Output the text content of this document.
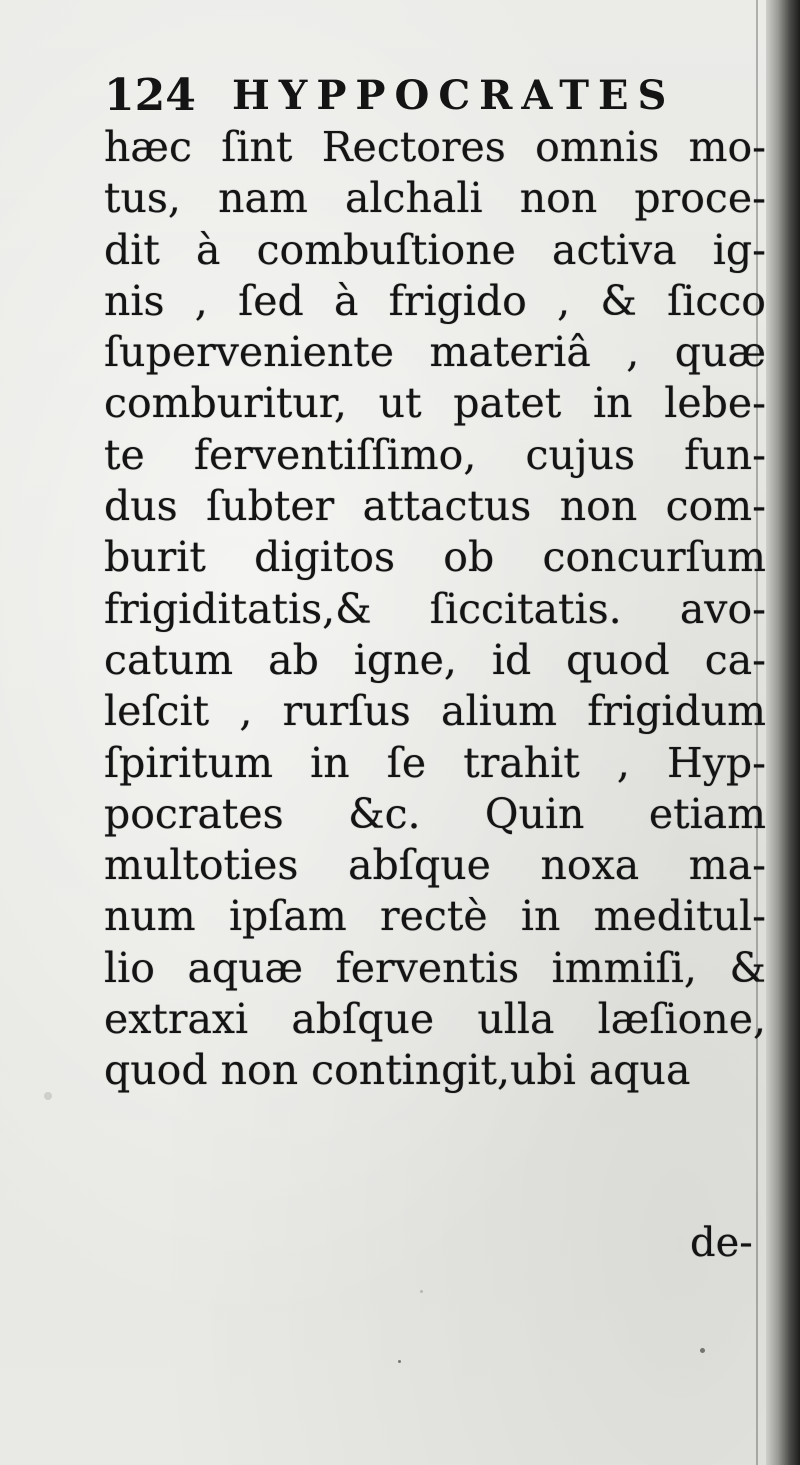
124 HYPPOCRATES
hæc ſint Rectores omnis mo-
tus, nam alchali non proce-
dit à combuſtione activa ig-
nis , ſed à frigido , & ſicco
ſuperveniente materiâ , quæ
comburitur, ut patet in lebe-
te ferventiſſimo, cujus fun-
dus ſubter attactus non com-
burit digitos ob concurſum
frigiditatis,& ſiccitatis. avo-
catum ab igne, id quod ca-
leſcit , rurſus alium frigidum
ſpiritum in ſe trahit , Hyp-
pocrates &c. Quin etiam
multoties abſque noxa ma-
num ipſam rectè in meditul-
lio aquæ ferventis immiſi, &
extraxi abſque ulla læſione,
quod non contingit,ubi aqua
de-
